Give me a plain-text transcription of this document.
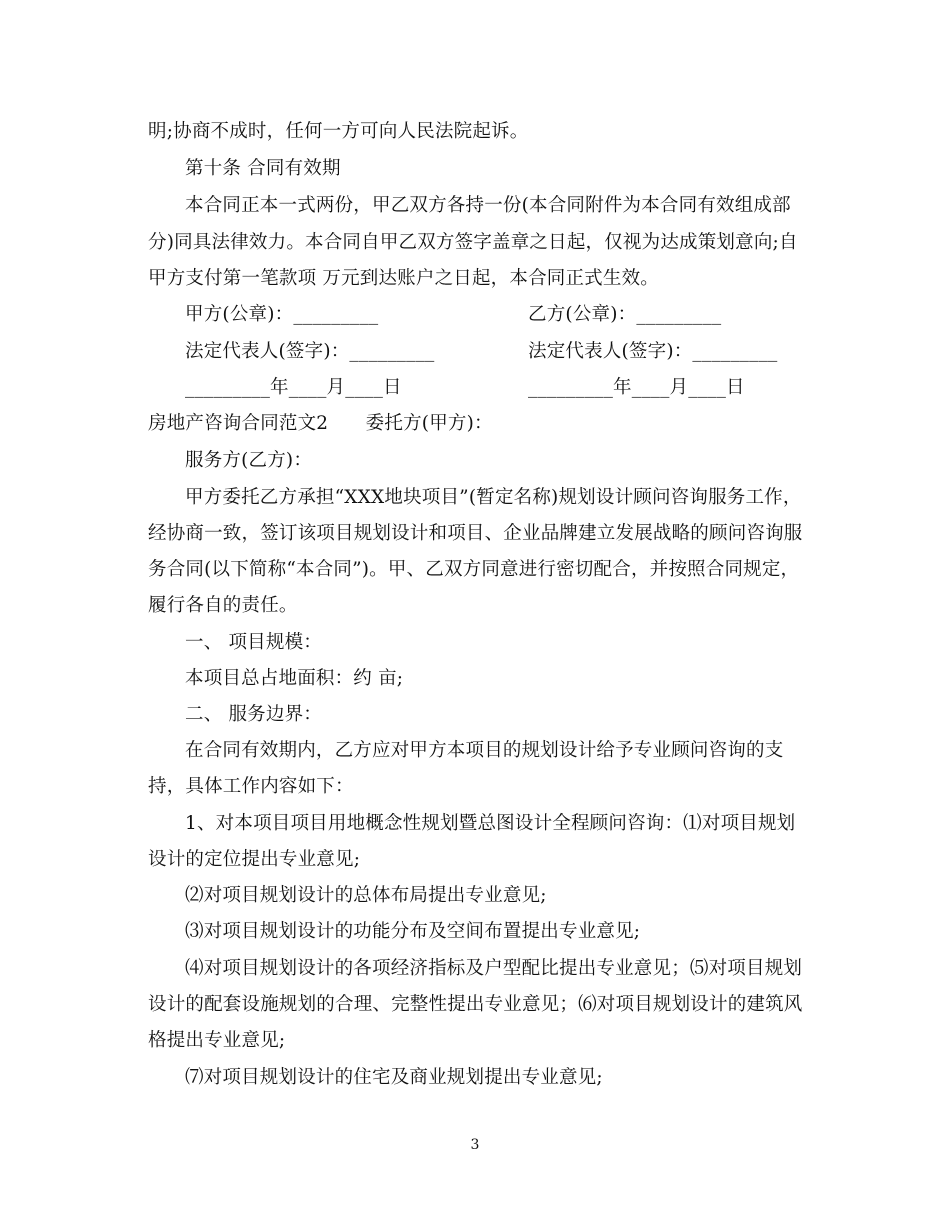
明;协商不成时，任何一方可向人民法院起诉。
第十条 合同有效期
本合同正本一式两份，甲乙双方各持一份(本合同附件为本合同有效组成部
分)同具法律效力。本合同自甲乙双方签字盖章之日起，仅视为达成策划意向;自
甲方支付第一笔款项 万元到达账户之日起，本合同正式生效。
甲方(公章)：_________	乙方(公章)：_________
法定代表人(签字)：_________	法定代表人(签字)：_________
_________年____月____日	_________年____月____日
房地产咨询合同范文2　　委托方(甲方)：
服务方(乙方)：
甲方委托乙方承担“XXX地块项目”(暂定名称)规划设计顾问咨询服务工作，
经协商一致，签订该项目规划设计和项目、企业品牌建立发展战略的顾问咨询服
务合同(以下简称“本合同”)。甲、乙双方同意进行密切配合，并按照合同规定，
履行各自的责任。
一、 项目规模：
本项目总占地面积：约 亩;
二、 服务边界：
在合同有效期内，乙方应对甲方本项目的规划设计给予专业顾问咨询的支
持，具体工作内容如下：
1、对本项目项目用地概念性规划暨总图设计全程顾问咨询：⑴对项目规划
设计的定位提出专业意见;
⑵对项目规划设计的总体布局提出专业意见;
⑶对项目规划设计的功能分布及空间布置提出专业意见;
⑷对项目规划设计的各项经济指标及户型配比提出专业意见；⑸对项目规划
设计的配套设施规划的合理、完整性提出专业意见；⑹对项目规划设计的建筑风
格提出专业意见;
⑺对项目规划设计的住宅及商业规划提出专业意见;
3
